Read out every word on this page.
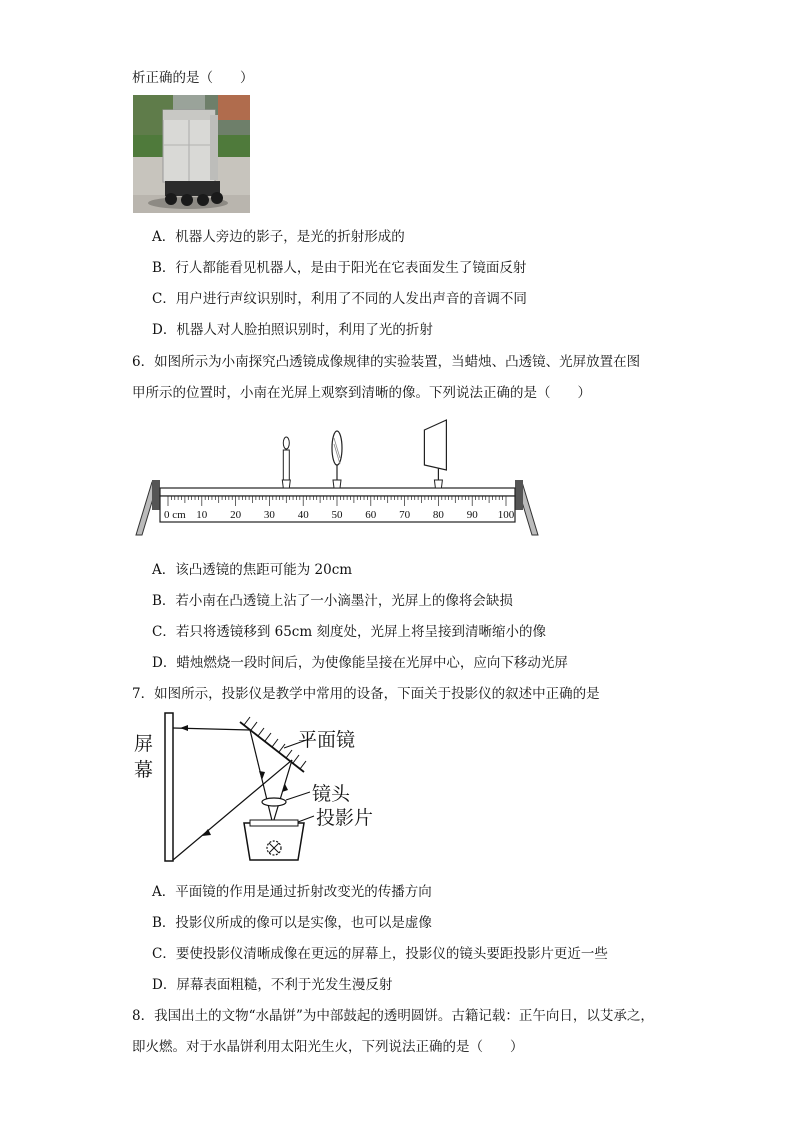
析正确的是（　　）
A．机器人旁边的影子，是光的折射形成的
B．行人都能看见机器人，是由于阳光在它表面发生了镜面反射
C．用户进行声纹识别时，利用了不同的人发出声音的音调不同
D．机器人对人脸拍照识别时，利用了光的折射
6．如图所示为小南探究凸透镜成像规律的实验装置，当蜡烛、凸透镜、光屏放置在图
甲所示的位置时，小南在光屏上观察到清晰的像。下列说法正确的是（　　）
0 cm 10 20 30 40 50 60 70 80 90 100
A．该凸透镜的焦距可能为 20cm
B．若小南在凸透镜上沾了一小滴墨汁，光屏上的像将会缺损
C．若只将透镜移到 65cm 刻度处，光屏上将呈接到清晰缩小的像
D．蜡烛燃烧一段时间后，为使像能呈接在光屏中心，应向下移动光屏
7．如图所示，投影仪是教学中常用的设备，下面关于投影仪的叙述中正确的是
屏
幕
平面镜
镜头
投影片
A．平面镜的作用是通过折射改变光的传播方向
B．投影仪所成的像可以是实像，也可以是虚像
C．要使投影仪清晰成像在更远的屏幕上，投影仪的镜头要距投影片更近一些
D．屏幕表面粗糙，不利于光发生漫反射
8．我国出土的文物“水晶饼”为中部鼓起的透明圆饼。古籍记载：正午向日，以艾承之，
即火燃。对于水晶饼利用太阳光生火，下列说法正确的是（　　）
